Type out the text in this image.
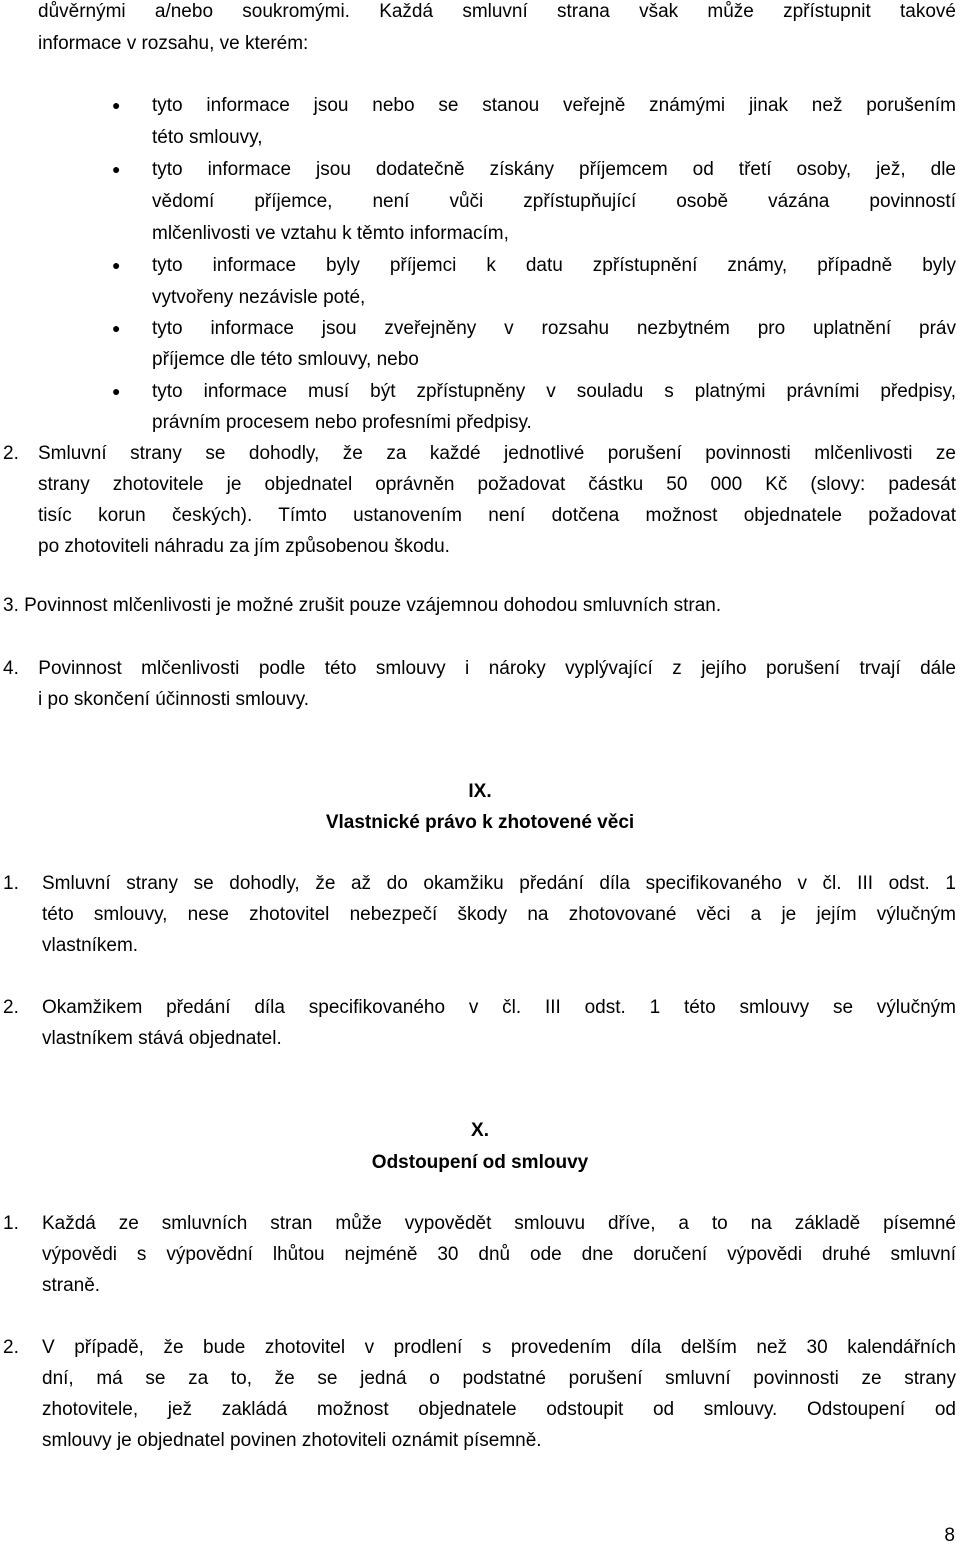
důvěrnými a/nebo soukromými. Každá smluvní strana však může zpřístupnit takové
informace v rozsahu, ve kterém:
● tyto informace jsou nebo se stanou veřejně známými jinak než porušením
této smlouvy,
● tyto informace jsou dodatečně získány příjemcem od třetí osoby, jež, dle
vědomí příjemce, není vůči zpřístupňující osobě vázána povinností
mlčenlivosti ve vztahu k těmto informacím,
● tyto informace byly příjemci k datu zpřístupnění známy, případně byly
vytvořeny nezávisle poté,
● tyto informace jsou zveřejněny v rozsahu nezbytném pro uplatnění práv
příjemce dle této smlouvy, nebo
● tyto informace musí být zpřístupněny v souladu s platnými právními předpisy,
právním procesem nebo profesními předpisy.
2.	Smluvní strany se dohodly, že za každé jednotlivé porušení povinnosti mlčenlivosti ze
strany zhotovitele je objednatel oprávněn požadovat částku 50 000 Kč (slovy: padesát
tisíc korun českých). Tímto ustanovením není dotčena možnost objednatele požadovat
po zhotoviteli náhradu za jím způsobenou škodu.
3. Povinnost mlčenlivosti je možné zrušit pouze vzájemnou dohodou smluvních stran.
4. Povinnost mlčenlivosti podle této smlouvy i nároky vyplývající z jejího porušení trvají dále
i po skončení účinnosti smlouvy.
IX.
Vlastnické právo k zhotovené věci
1.	Smluvní strany se dohodly, že až do okamžiku předání díla specifikovaného v čl. III odst. 1
této smlouvy, nese zhotovitel nebezpečí škody na zhotovované věci a je jejím výlučným
vlastníkem.
2.	Okamžikem předání díla specifikovaného v čl. III odst. 1 této smlouvy se výlučným
vlastníkem stává objednatel.
X.
Odstoupení od smlouvy
1.	Každá ze smluvních stran může vypovědět smlouvu dříve, a to na základě písemné
výpovědi s výpovědní lhůtou nejméně 30 dnů ode dne doručení výpovědi druhé smluvní
straně.
2.	V případě, že bude zhotovitel v prodlení s provedením díla delším než 30 kalendářních
dní, má se za to, že se jedná o podstatné porušení smluvní povinnosti ze strany
zhotovitele, jež zakládá možnost objednatele odstoupit od smlouvy. Odstoupení od
smlouvy je objednatel povinen zhotoviteli oznámit písemně.
8
